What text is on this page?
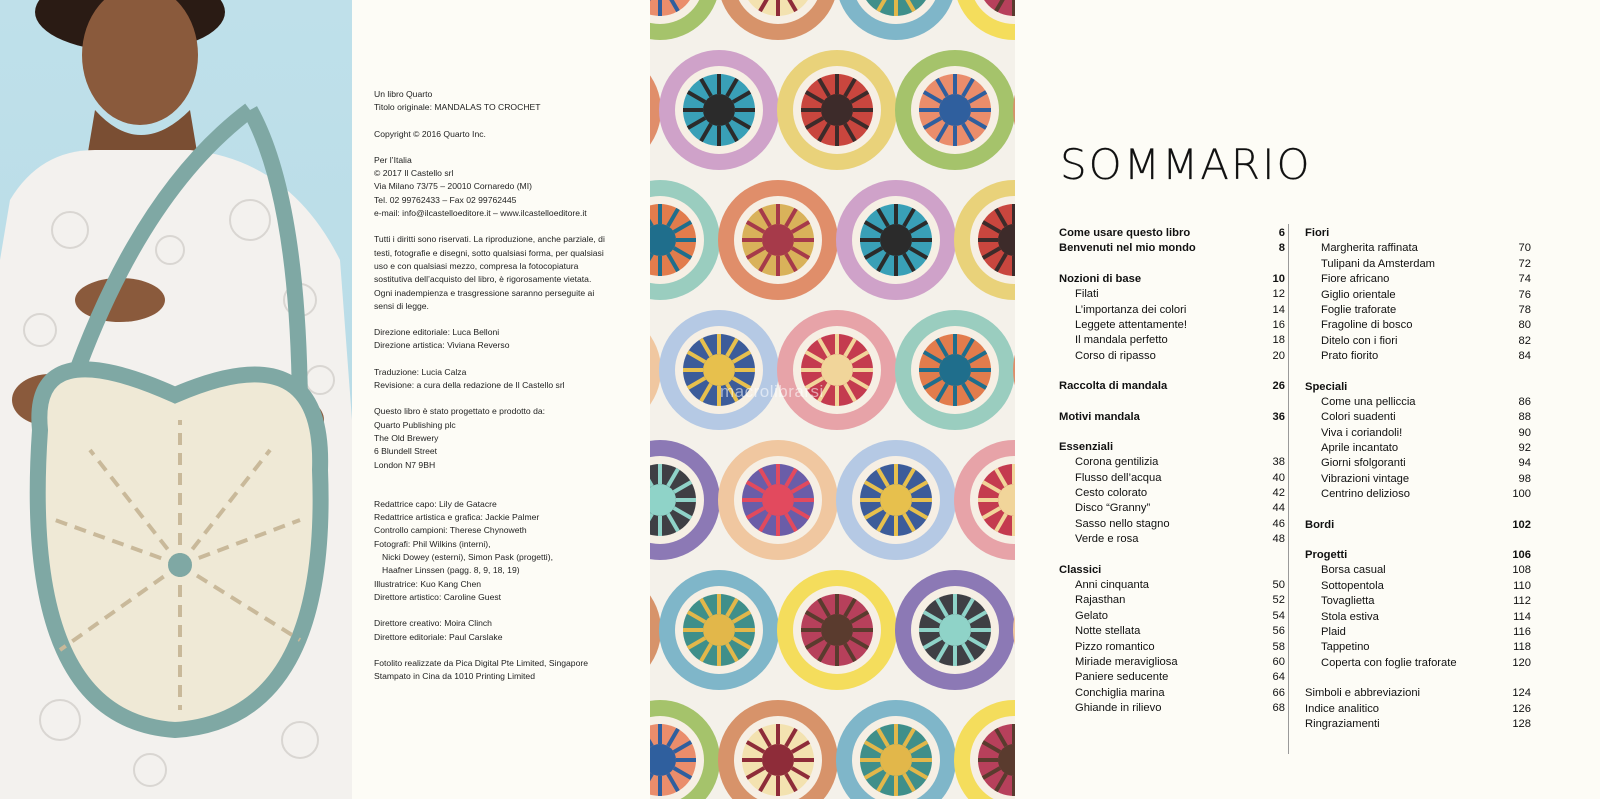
Un libro Quarto
Titolo originale: MANDALAS TO CROCHET
Copyright © 2016 Quarto Inc.
Per l’Italia
© 2017 Il Castello srl
Via Milano 73/75 – 20010 Cornaredo (MI)
Tel. 02 99762433 – Fax 02 99762445
e-mail: info@ilcastelloeditore.it – www.ilcastelloeditore.it
Tutti i diritti sono riservati. La riproduzione, anche parziale, di
testi, fotografie e disegni, sotto qualsiasi forma, per qualsiasi
uso e con qualsiasi mezzo, compresa la fotocopiatura
sostitutiva dell’acquisto del libro, è rigorosamente vietata.
Ogni inadempienza e trasgressione saranno perseguite ai
sensi di legge.
Direzione editoriale: Luca Belloni
Direzione artistica: Viviana Reverso
Traduzione: Lucia Calza
Revisione: a cura della redazione de Il Castello srl
Questo libro è stato progettato e prodotto da:
Quarto Publishing plc
The Old Brewery
6 Blundell Street
London N7 9BH
Redattrice capo: Lily de Gatacre
Redattrice artistica e grafica: Jackie Palmer
Controllo campioni: Therese Chynoweth
Fotografi: Phil Wilkins (interni),
Nicki Dowey (esterni), Simon Pask (progetti),
Haafner Linssen (pagg. 8, 9, 18, 19)
Illustratrice: Kuo Kang Chen
Direttore artistico: Caroline Guest
Direttore creativo: Moira Clinch
Direttore editoriale: Paul Carslake
Fotolito realizzate da Pica Digital Pte Limited, Singapore
Stampato in Cina da 1010 Printing Limited
macrolibrarsi
SOMMARIO
Come usare questo libro	6
Benvenuti nel mio mondo	8
Nozioni di base	10
Filati	12
L’importanza dei colori	14
Leggete attentamente!	16
Il mandala perfetto	18
Corso di ripasso	20
Raccolta di mandala	26
Motivi mandala	36
Essenziali
Corona gentilizia	38
Flusso dell’acqua	40
Cesto colorato	42
Disco “Granny”	44
Sasso nello stagno	46
Verde e rosa	48
Classici
Anni cinquanta	50
Rajasthan	52
Gelato	54
Notte stellata	56
Pizzo romantico	58
Miriade meravigliosa	60
Paniere seducente	64
Conchiglia marina	66
Ghiande in rilievo	68
Fiori
Margherita raffinata	70
Tulipani da Amsterdam	72
Fiore africano	74
Giglio orientale	76
Foglie traforate	78
Fragoline di bosco	80
Ditelo con i fiori	82
Prato fiorito	84
Speciali
Come una pelliccia	86
Colori suadenti	88
Viva i coriandoli!	90
Aprile incantato	92
Giorni sfolgoranti	94
Vibrazioni vintage	98
Centrino delizioso	100
Bordi	102
Progetti	106
Borsa casual	108
Sottopentola	110
Tovaglietta	112
Stola estiva	114
Plaid	116
Tappetino	118
Coperta con foglie traforate	120
Simboli e abbreviazioni	124
Indice analitico	126
Ringraziamenti	128
